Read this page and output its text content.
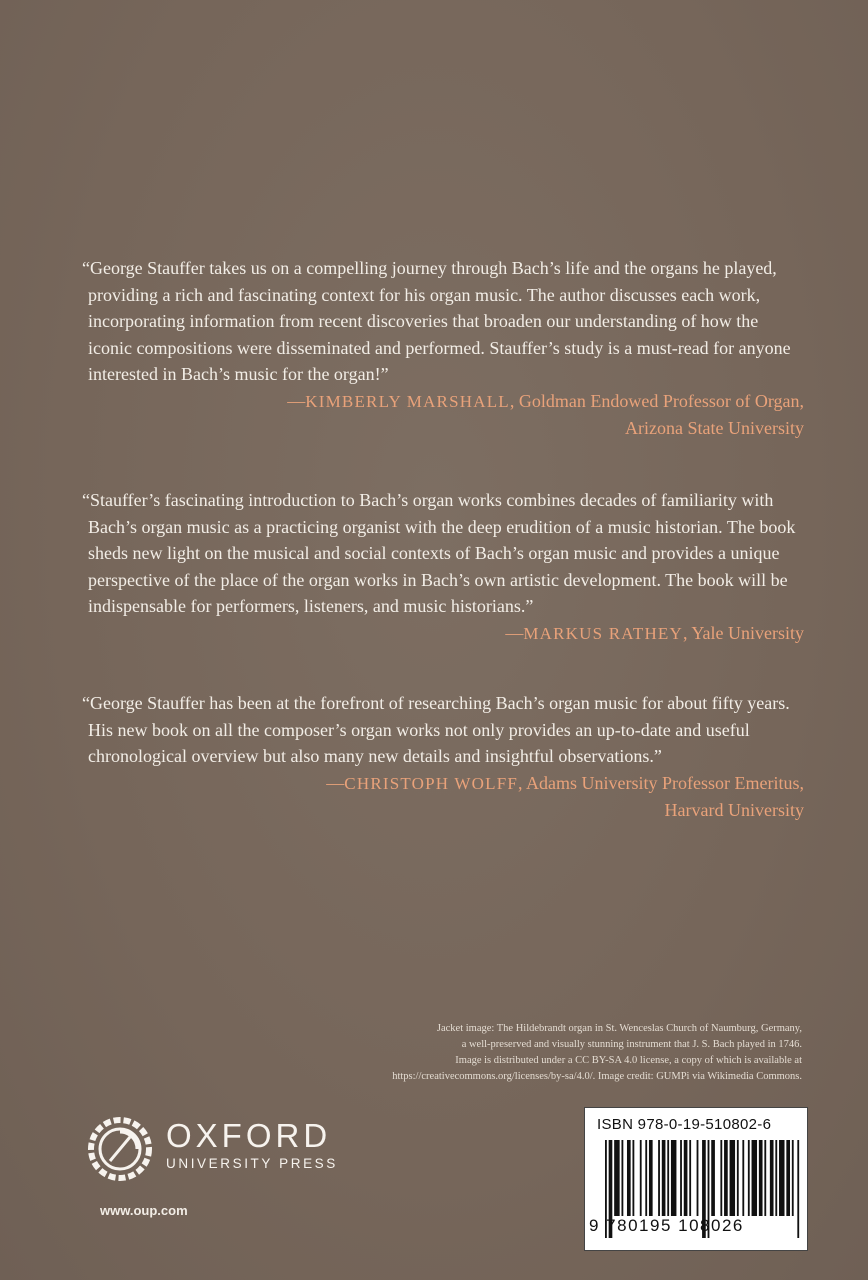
“George Stauffer takes us on a compelling journey through Bach’s life and the organs he played, providing a rich and fascinating context for his organ music. The author discusses each work, incorporating information from recent discoveries that broaden our understanding of how the iconic compositions were disseminated and performed. Stauffer’s study is a must-read for anyone interested in Bach’s music for the organ!”

—KIMBERLY MARSHALL, Goldman Endowed Professor of Organ,
Arizona State University

“Stauffer’s fascinating introduction to Bach’s organ works combines decades of familiarity with Bach’s organ music as a practicing organist with the deep erudition of a music historian. The book sheds new light on the musical and social contexts of Bach’s organ music and provides a unique perspective of the place of the organ works in Bach’s own artistic development. The book will be indispensable for performers, listeners, and music historians.”

—MARKUS RATHEY, Yale University

“George Stauffer has been at the forefront of researching Bach’s organ music for about fifty years. His new book on all the composer’s organ works not only provides an up-to-date and useful chronological overview but also many new details and insightful observations.”

—CHRISTOPH WOLFF, Adams University Professor Emeritus,
Harvard University

Jacket image: The Hildebrandt organ in St. Wenceslas Church of Naumburg, Germany,
a well-preserved and visually stunning instrument that J. S. Bach played in 1746.
Image is distributed under a CC BY-SA 4.0 license, a copy of which is available at
https://creativecommons.org/licenses/by-sa/4.0/. Image credit: GUMPi via Wikimedia Commons.
OXFORD
UNIVERSITY PRESS
www.oup.com
ISBN 978-0-19-510802-6
9 780195 108026
